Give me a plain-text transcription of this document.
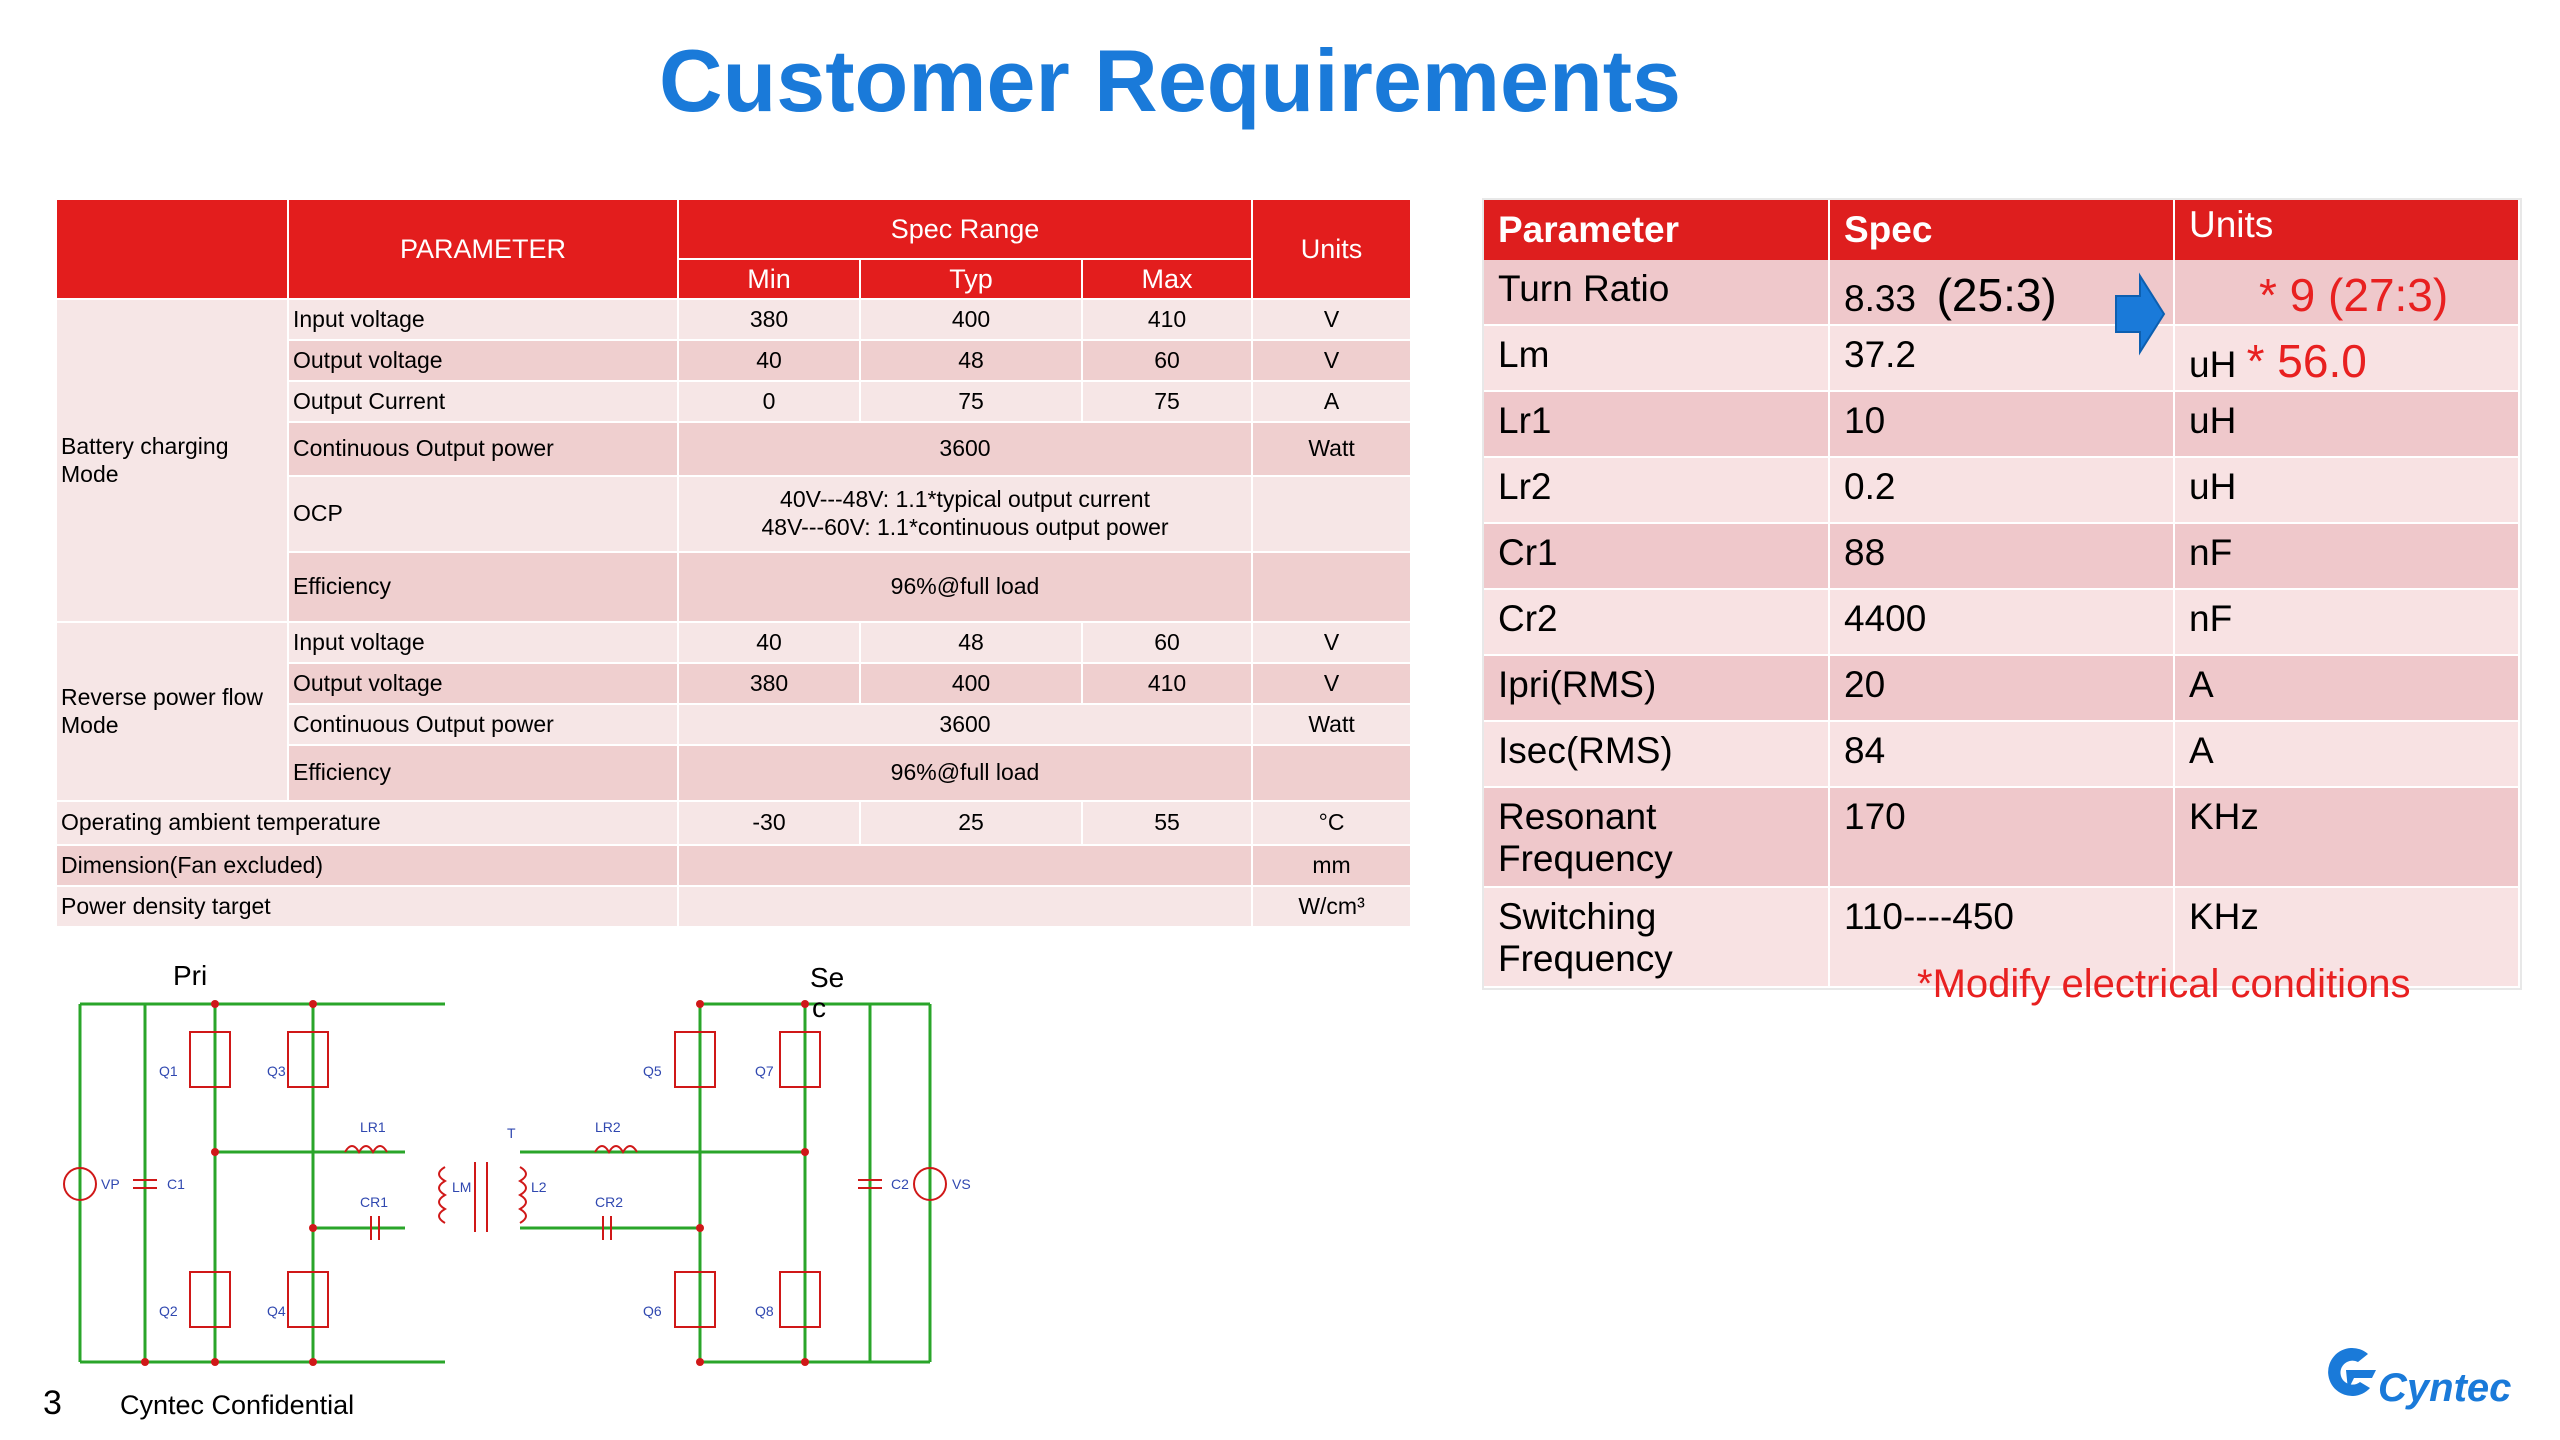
Customer Requirements
	PARAMETER	Spec Range			Units
		Min	Typ	Max	
Battery charging Mode	Input voltage	380	400	410	V
	Output voltage	40	48	60	V
	Output Current	0	75	75	A
	Continuous Output power	3600			Watt
	OCP	40V---48V: 1.1*typical output current
48V---60V: 1.1*continuous output power			

	Efficiency	96%@full load			
Reverse power flow Mode	Input voltage	40	48	60	V
	Output voltage	380	400	410	V
	Continuous Output power	3600			Watt
	Efficiency	96%@full load			
Operating ambient temperature		-30	25	55	°C
Dimension(Fan excluded)					mm
Power density target					W/cm³
Parameter	Spec	Units
Turn Ratio	8.33 (25:3)	* 9 (27:3)
Lm	37.2	uH * 56.0
Lr1	10	uH
Lr2	0.2	uH
Cr1	88	nF
Cr2	4400	nF
Ipri(RMS)	20	A
Isec(RMS)	84	A

Resonant
Frequency	170	KHz

Switching
Frequency	110----450	KHz
*Modify electrical conditions
Q1	Q3
Q2	Q4
Q5	Q7
Q6	Q8
LR1	LR2
CR1	CR2
T
LM	L2
C1	C2
VP	VS
Pri	Se
c
3 Cyntec Confidential	Cyntec
